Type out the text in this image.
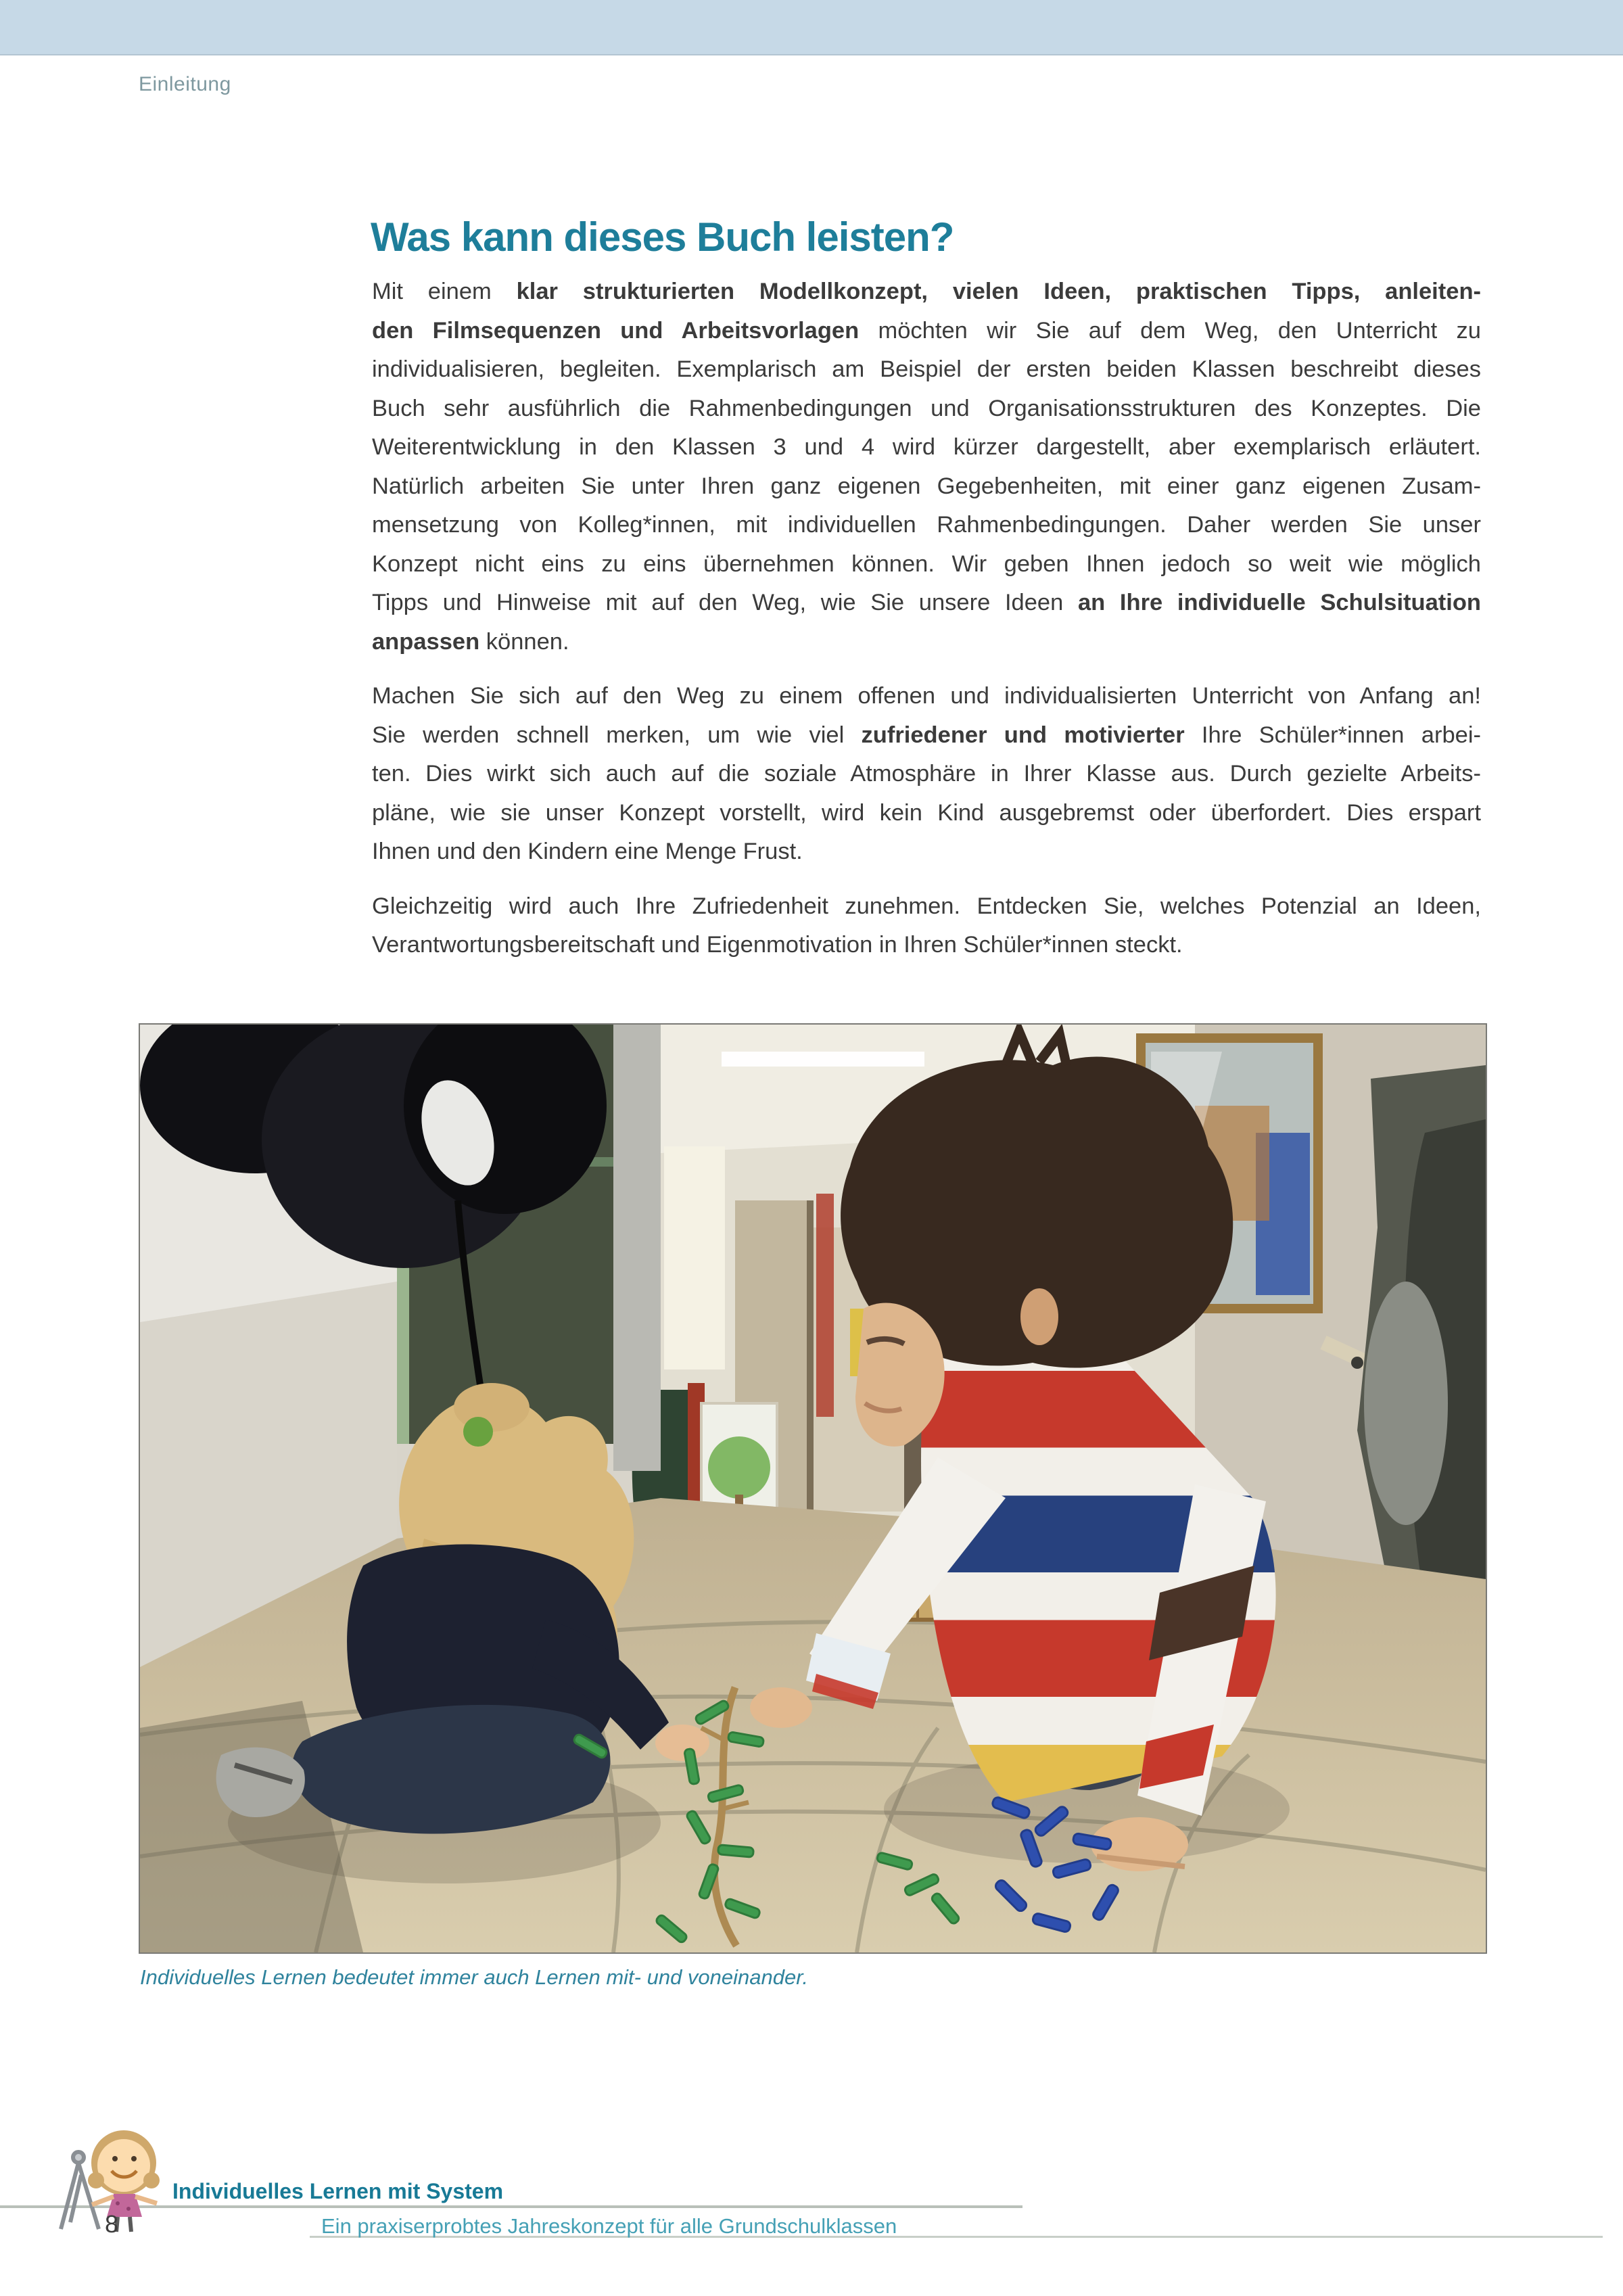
Einleitung
Was kann dieses Buch leisten?
Mit einem klar strukturierten Modellkonzept, vielen Ideen, praktischen Tipps, anleiten-
den Filmsequenzen und Arbeitsvorlagen möchten wir Sie auf dem Weg, den Unterricht zu
individualisieren, begleiten. Exemplarisch am Beispiel der ersten beiden Klassen beschreibt dieses
Buch sehr ausführlich die Rahmenbedingungen und Organisationsstrukturen des Konzeptes. Die
Weiterentwicklung in den Klassen 3 und 4 wird kürzer dargestellt, aber exemplarisch erläutert.
Natürlich arbeiten Sie unter Ihren ganz eigenen Gegebenheiten, mit einer ganz eigenen Zusam-
mensetzung von Kolleg*innen, mit individuellen Rahmenbedingungen. Daher werden Sie unser
Konzept nicht eins zu eins übernehmen können. Wir geben Ihnen jedoch so weit wie möglich
Tipps und Hinweise mit auf den Weg, wie Sie unsere Ideen an Ihre individuelle Schulsituation
anpassen können.
Machen Sie sich auf den Weg zu einem offenen und individualisierten Unterricht von Anfang an!
Sie werden schnell merken, um wie viel zufriedener und motivierter Ihre Schüler*innen arbei-
ten. Dies wirkt sich auch auf die soziale Atmosphäre in Ihrer Klasse aus. Durch gezielte Arbeits-
pläne, wie sie unser Konzept vorstellt, wird kein Kind ausgebremst oder überfordert. Dies erspart
Ihnen und den Kindern eine Menge Frust.
Gleichzeitig wird auch Ihre Zufriedenheit zunehmen. Entdecken Sie, welches Potenzial an Ideen,
Verantwortungsbereitschaft und Eigenmotivation in Ihren Schüler*innen steckt.
Individuelles Lernen bedeutet immer auch Lernen mit- und voneinander.
8
Individuelles Lernen mit System
Ein praxiserprobtes Jahreskonzept für alle Grundschulklassen
